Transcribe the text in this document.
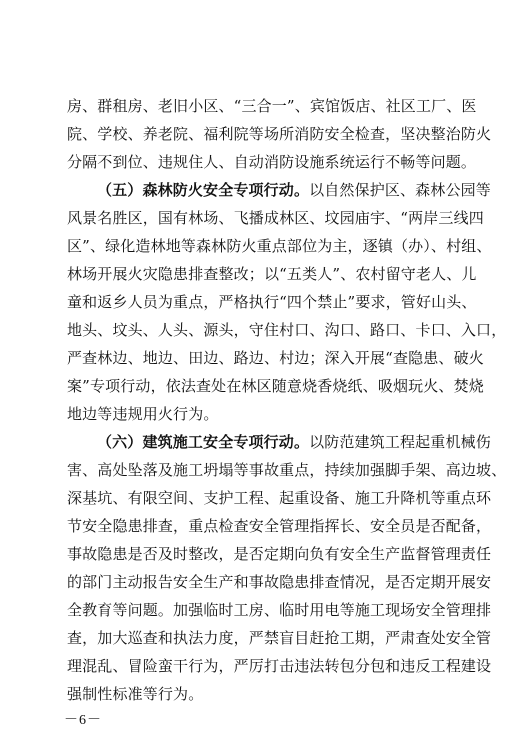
房、群租房、老旧小区、“三合一”、宾馆饭店、社区工厂、医
院、学校、养老院、福利院等场所消防安全检查，坚决整治防火
分隔不到位、违规住人、自动消防设施系统运行不畅等问题。
（五）森林防火安全专项行动。以自然保护区、森林公园等
风景名胜区，国有林场、飞播成林区、坟园庙宇、“两岸三线四
区”、绿化造林地等森林防火重点部位为主，逐镇（办）、村组、
林场开展火灾隐患排查整改；以“五类人”、农村留守老人、儿
童和返乡人员为重点，严格执行“四个禁止”要求，管好山头、
地头、坟头、人头、源头，守住村口、沟口、路口、卡口、入口，
严查林边、地边、田边、路边、村边；深入开展“查隐患、破火
案”专项行动，依法查处在林区随意烧香烧纸、吸烟玩火、焚烧
地边等违规用火行为。
（六）建筑施工安全专项行动。以防范建筑工程起重机械伤
害、高处坠落及施工坍塌等事故重点，持续加强脚手架、高边坡、
深基坑、有限空间、支护工程、起重设备、施工升降机等重点环
节安全隐患排查，重点检查安全管理指挥长、安全员是否配备，
事故隐患是否及时整改，是否定期向负有安全生产监督管理责任
的部门主动报告安全生产和事故隐患排查情况，是否定期开展安
全教育等问题。加强临时工房、临时用电等施工现场安全管理排
查，加大巡查和执法力度，严禁盲目赶抢工期，严肃查处安全管
理混乱、冒险蛮干行为，严厉打击违法转包分包和违反工程建设
强制性标准等行为。
－6－
